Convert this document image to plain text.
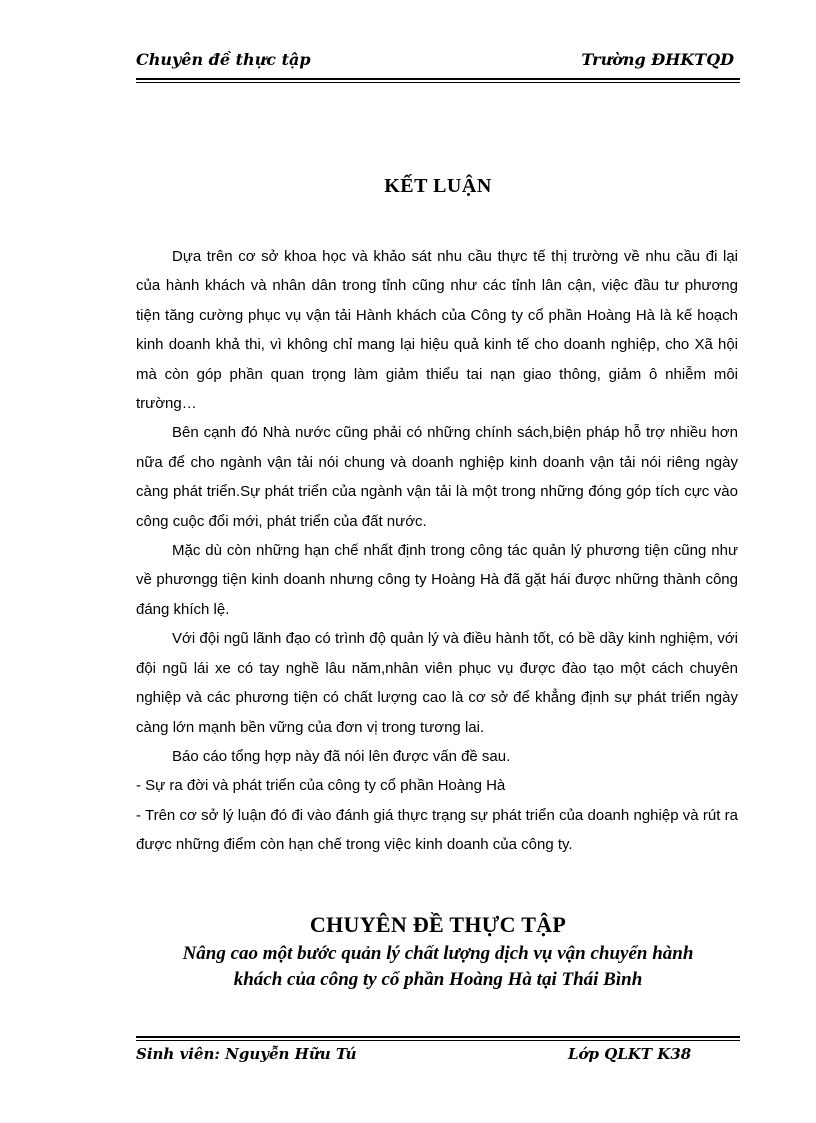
Chuyên đề thực tập	Trường ĐHKTQD
KẾT LUẬN

Dựa trên cơ sở khoa học và khảo sát nhu cầu thực tế thị trường về nhu cầu đi lại của hành khách và nhân dân trong tỉnh cũng như các tỉnh lân cận, việc đầu tư phương tiện tăng cường phục vụ vận tải Hành khách của Công ty cổ phần Hoàng Hà là kế hoạch kinh doanh khả thi, vì không chỉ mang lại hiệu quả kinh tế cho doanh nghiệp, cho Xã hội mà còn góp phần quan trọng làm giảm thiểu tai nạn giao thông, giảm ô nhiễm môi trường…

Bên cạnh đó Nhà nước cũng phải có những chính sách,biện pháp hỗ trợ nhiều hơn nữa để cho ngành vận tải nói chung và doanh nghiệp kinh doanh vận tải nói riêng ngày càng phát triển.Sự phát triển của ngành vận tải là một trong những đóng góp tích cực vào công cuộc đổi mới, phát triển của đất nước.

Mặc dù còn những hạn chế nhất định trong công tác quản lý phương tiện cũng như về phươngg tiện kinh doanh nhưng công ty Hoàng Hà đã gặt hái được những thành công đáng khích lệ.

Với đội ngũ lãnh đạo có trình độ quản lý và điều hành tốt, có bề dầy kinh nghiệm, với đội ngũ lái xe có tay nghề lâu năm,nhân viên phục vụ được đào tạo một cách chuyên nghiệp và các phương tiện có chất lượng cao là cơ sở để khẳng định sự phát triển ngày càng lớn mạnh bền vững của đơn vị trong tương lai.

Báo cáo tổng hợp này đã nói lên được vấn đề sau.

- Sự ra đời và phát triển của công ty cổ phần Hoàng Hà

- Trên cơ sở lý luận đó đi vào đánh giá thực trạng sự phát triển của doanh nghiệp và rút ra được những điểm còn hạn chế trong việc kinh doanh của công ty.

CHUYÊN ĐỀ THỰC TẬP
Nâng cao một bước quản lý chất lượng dịch vụ vận chuyển hành
khách của công ty cổ phần Hoàng Hà tại Thái Bình
Sinh viên: Nguyễn Hữu Tú	Lớp QLKT K38
